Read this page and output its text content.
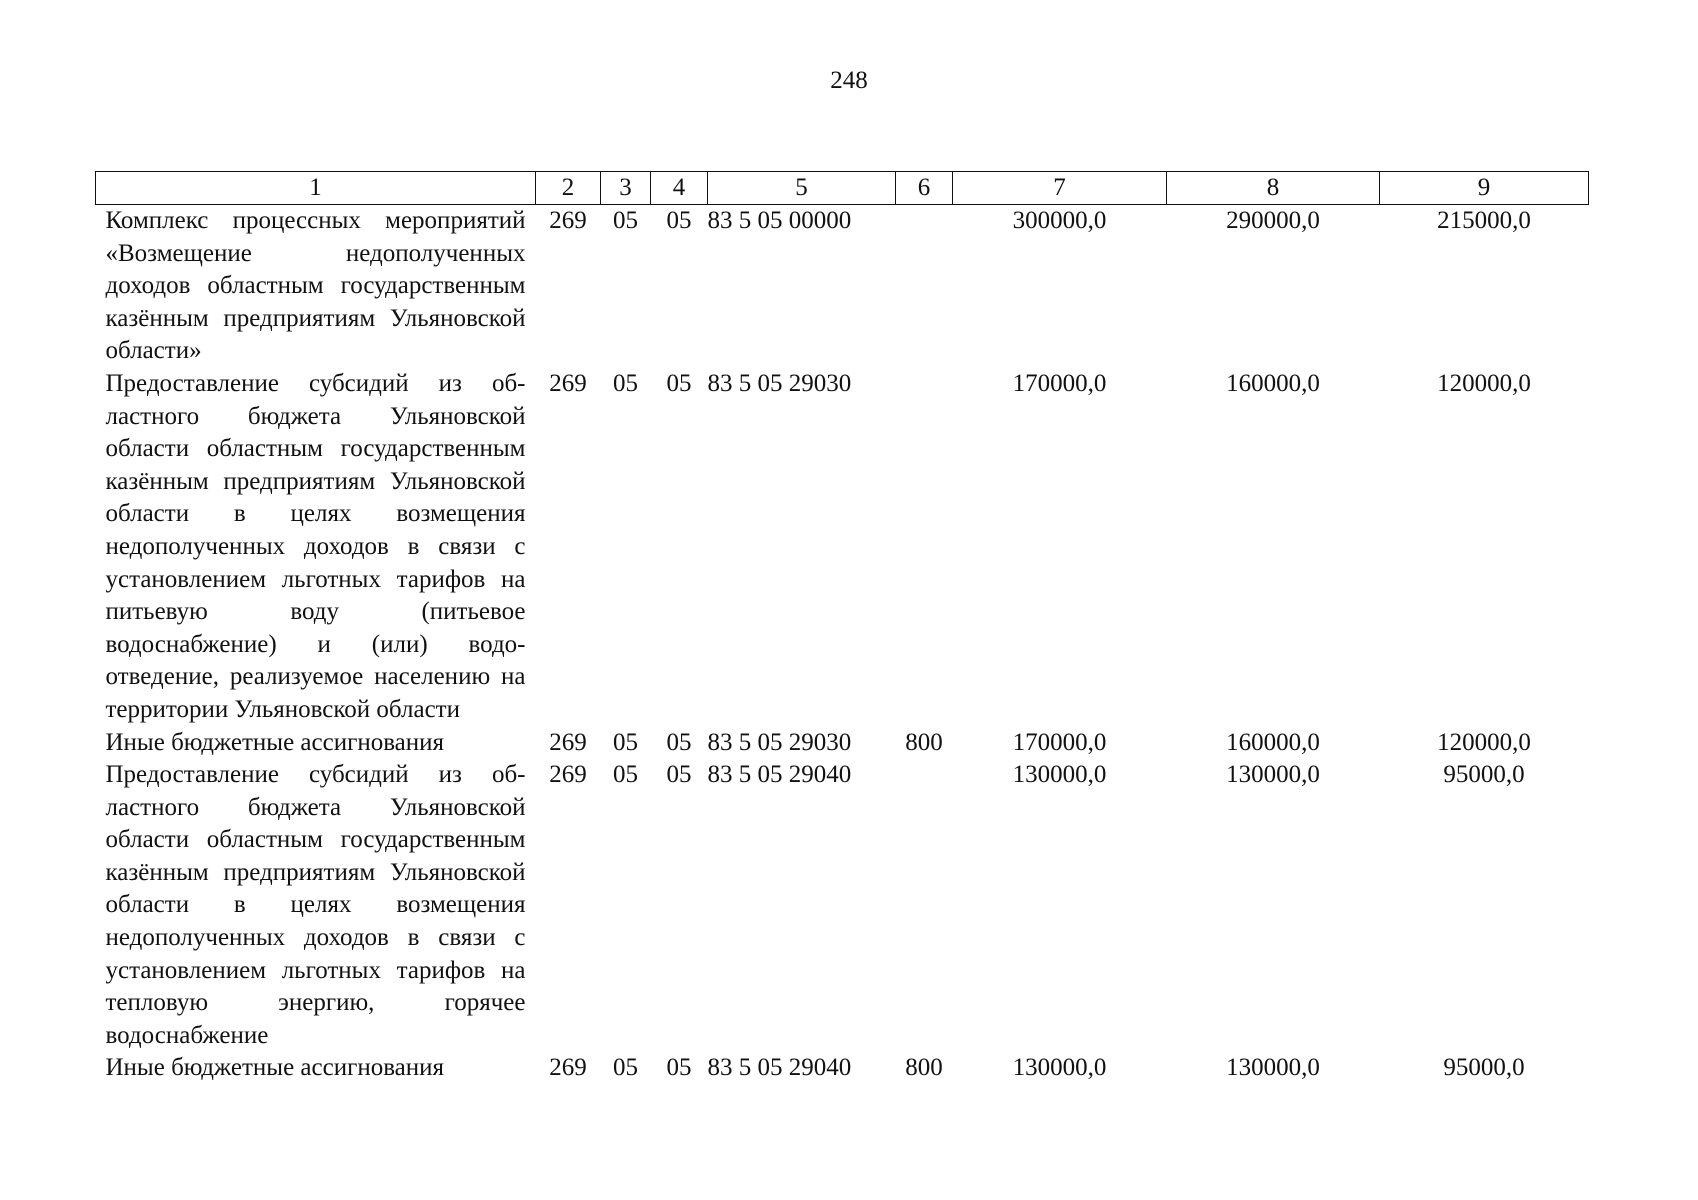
248
1	2	3	4	5	6	7	8	9
Комплекс процессных мероприятий «Возмещение недополученных доходов областным государственным казённым предприятиям Ульяновской области»	269	05	05	83 5 05 00000		300000,0	290000,0	215000,0
Предоставление субсидий из областного бюджета Ульяновской области областным государственным казённым предприятиям Ульяновской области в целях возмещения недополученных доходов в связи с установлением льготных тарифов на питьевую воду (питьевое водоснабжение) и (или) водоотведение, реализуемое населению на территории Ульяновской области	269	05	05	83 5 05 29030		170000,0	160000,0	120000,0
Иные бюджетные ассигнования	269	05	05	83 5 05 29030	800	170000,0	160000,0	120000,0
Предоставление субсидий из областного бюджета Ульяновской области областным государственным казённым предприятиям Ульяновской области в целях возмещения недополученных доходов в связи с установлением льготных тарифов на тепловую энергию, горячее водоснабжение	269	05	05	83 5 05 29040		130000,0	130000,0	95000,0
Иные бюджетные ассигнования	269	05	05	83 5 05 29040	800	130000,0	130000,0	95000,0
